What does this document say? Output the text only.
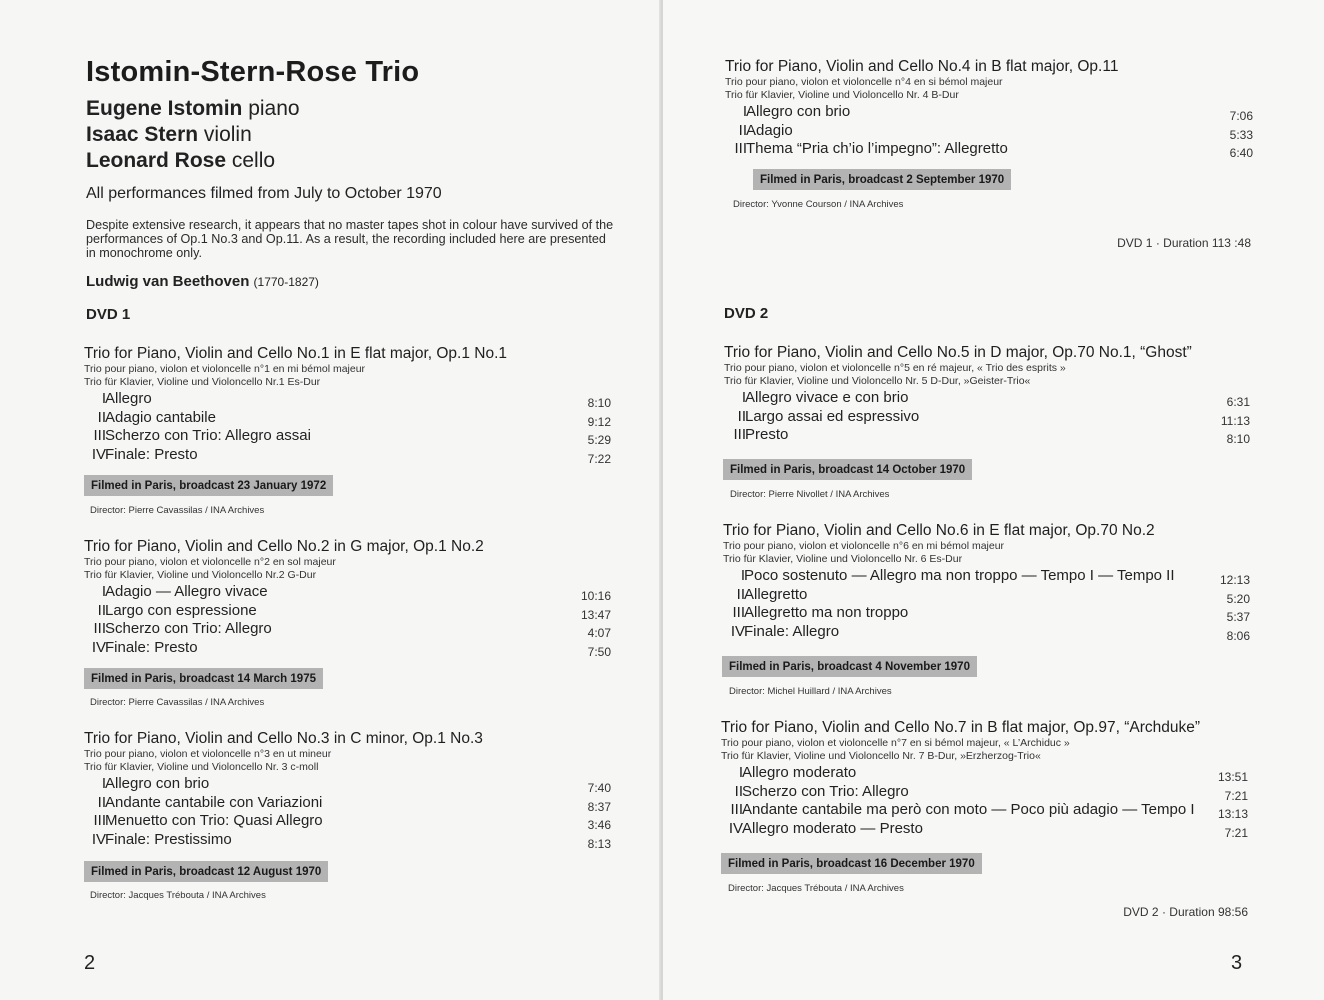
Istomin-Stern-Rose Trio
Eugene Istomin piano
Isaac Stern violin
Leonard Rose cello
All performances filmed from July to October 1970
Despite extensive research, it appears that no master tapes shot in colour have survived of the performances of Op.1 No.3 and Op.11. As a result, the recording included here are presented in monochrome only.
Ludwig van Beethoven (1770-1827)
DVD 1
Trio for Piano, Violin and Cello No.1 in E flat major, Op.1 No.1
Trio pour piano, violon et violoncelle n°1 en mi bémol majeur
Trio für Klavier, Violine und Violoncello Nr.1 Es-Dur
I Allegro	8:10
II Adagio cantabile	9:12
III Scherzo con Trio: Allegro assai	5:29
IV Finale: Presto	7:22
Filmed in Paris, broadcast 23 January 1972
Director: Pierre Cavassilas / INA Archives
Trio for Piano, Violin and Cello No.2 in G major, Op.1 No.2
Trio pour piano, violon et violoncelle n°2 en sol majeur
Trio für Klavier, Violine und Violoncello Nr.2 G-Dur
I Adagio — Allegro vivace	10:16
II Largo con espressione	13:47
III Scherzo con Trio: Allegro	4:07
IV Finale: Presto	7:50
Filmed in Paris, broadcast 14 March 1975
Director: Pierre Cavassilas / INA Archives
Trio for Piano, Violin and Cello No.3 in C minor, Op.1 No.3
Trio pour piano, violon et violoncelle n°3 en ut mineur
Trio für Klavier, Violine und Violoncello Nr. 3 c-moll
I Allegro con brio	7:40
II Andante cantabile con Variazioni	8:37
III Menuetto con Trio: Quasi Allegro	3:46
IV Finale: Prestissimo	8:13
Filmed in Paris, broadcast 12 August 1970
Director: Jacques Trébouta / INA Archives
2
Trio for Piano, Violin and Cello No.4 in B flat major, Op.11
Trio pour piano, violon et violoncelle n°4 en si bémol majeur
Trio für Klavier, Violine und Violoncello Nr. 4 B-Dur
I Allegro con brio	7:06
II Adagio	5:33
III Thema “Pria ch’io l’impegno”: Allegretto	6:40
Filmed in Paris, broadcast 2 September 1970
Director: Yvonne Courson / INA Archives
DVD 1 · Duration 113 :48
DVD 2
Trio for Piano, Violin and Cello No.5 in D major, Op.70 No.1, “Ghost”
Trio pour piano, violon et violoncelle n°5 en ré majeur, « Trio des esprits »
Trio für Klavier, Violine und Violoncello Nr. 5 D-Dur, »Geister-Trio«
I Allegro vivace e con brio	6:31
II Largo assai ed espressivo	11:13
III Presto	8:10
Filmed in Paris, broadcast 14 October 1970
Director: Pierre Nivollet / INA Archives
Trio for Piano, Violin and Cello No.6 in E flat major, Op.70 No.2
Trio pour piano, violon et violoncelle n°6 en mi bémol majeur
Trio für Klavier, Violine und Violoncello Nr. 6 Es-Dur
I Poco sostenuto — Allegro ma non troppo — Tempo I — Tempo II	12:13
II Allegretto	5:20
III Allegretto ma non troppo	5:37
IV Finale: Allegro	8:06
Filmed in Paris, broadcast 4 November 1970
Director: Michel Huillard / INA Archives
Trio for Piano, Violin and Cello No.7 in B flat major, Op.97, “Archduke”
Trio pour piano, violon et violoncelle n°7 en si bémol majeur, « L’Archiduc »
Trio für Klavier, Violine und Violoncello Nr. 7 B-Dur, »Erzherzog-Trio«
I Allegro moderato	13:51
II Scherzo con Trio: Allegro	7:21
III Andante cantabile ma però con moto — Poco più adagio — Tempo I 13:13
IV Allegro moderato — Presto	7:21
Filmed in Paris, broadcast 16 December 1970
Director: Jacques Trébouta / INA Archives
DVD 2 · Duration 98:56
3
